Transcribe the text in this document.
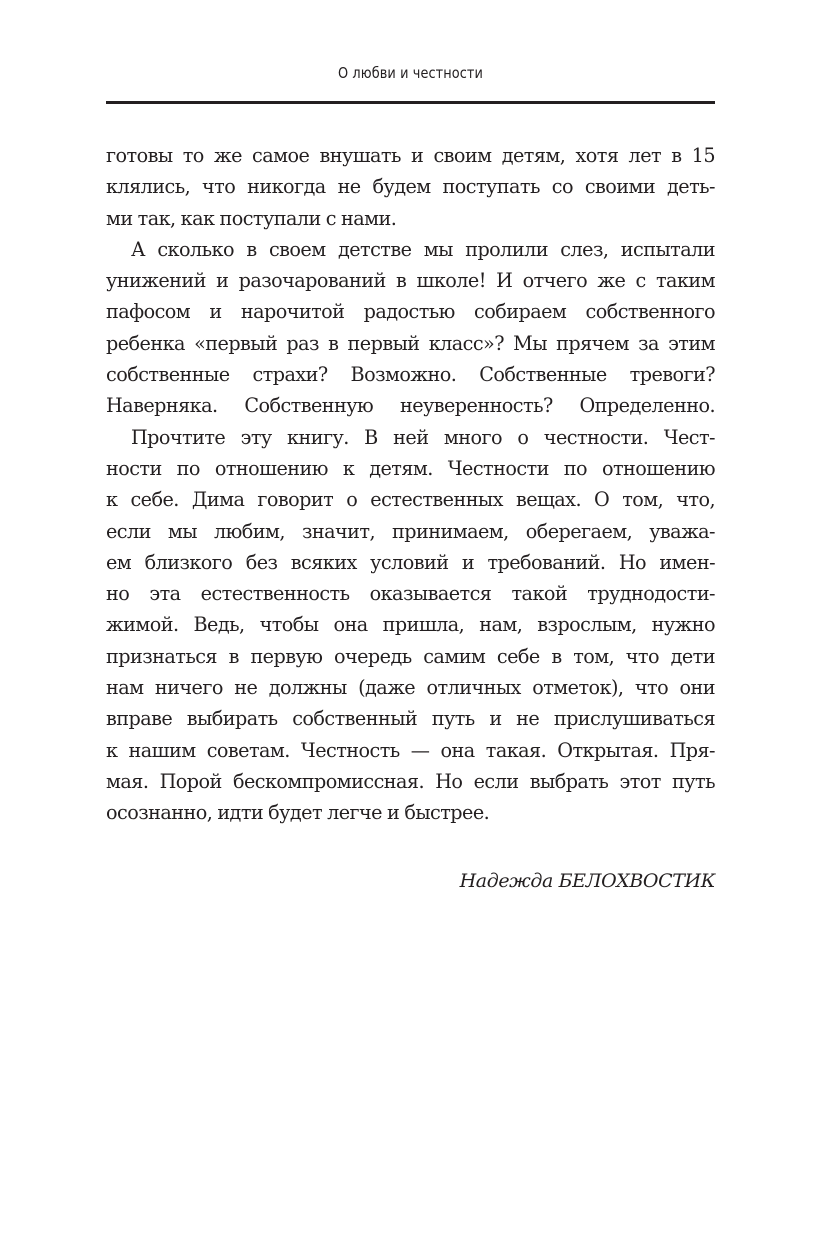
О любви и честности
готовы то же самое внушать и своим детям, хотя лет в 15
клялись, что никогда не будем поступать со своими деть-
ми так, как поступали с нами.
А сколько в своем детстве мы пролили слез, испытали
унижений и разочарований в школе! И отчего же с таким
пафосом и нарочитой радостью собираем собственного
ребенка «первый раз в первый класс»? Мы прячем за этим
собственные страхи? Возможно. Собственные тревоги?
Наверняка. Собственную неуверенность? Определенно.
Прочтите эту книгу. В ней много о честности. Чест-
ности по отношению к детям. Честности по отношению
к себе. Дима говорит о естественных вещах. О том, что,
если мы любим, значит, принимаем, оберегаем, уважа-
ем близкого без всяких условий и требований. Но имен-
но эта естественность оказывается такой труднодости-
жимой. Ведь, чтобы она пришла, нам, взрослым, нужно
признаться в первую очередь самим себе в том, что дети
нам ничего не должны (даже отличных отметок), что они
вправе выбирать собственный путь и не прислушиваться
к нашим советам. Честность — она такая. Открытая. Пря-
мая. Порой бескомпромиссная. Но если выбрать этот путь
осознанно, идти будет легче и быстрее.
Надежда БЕЛОХВОСТИК
